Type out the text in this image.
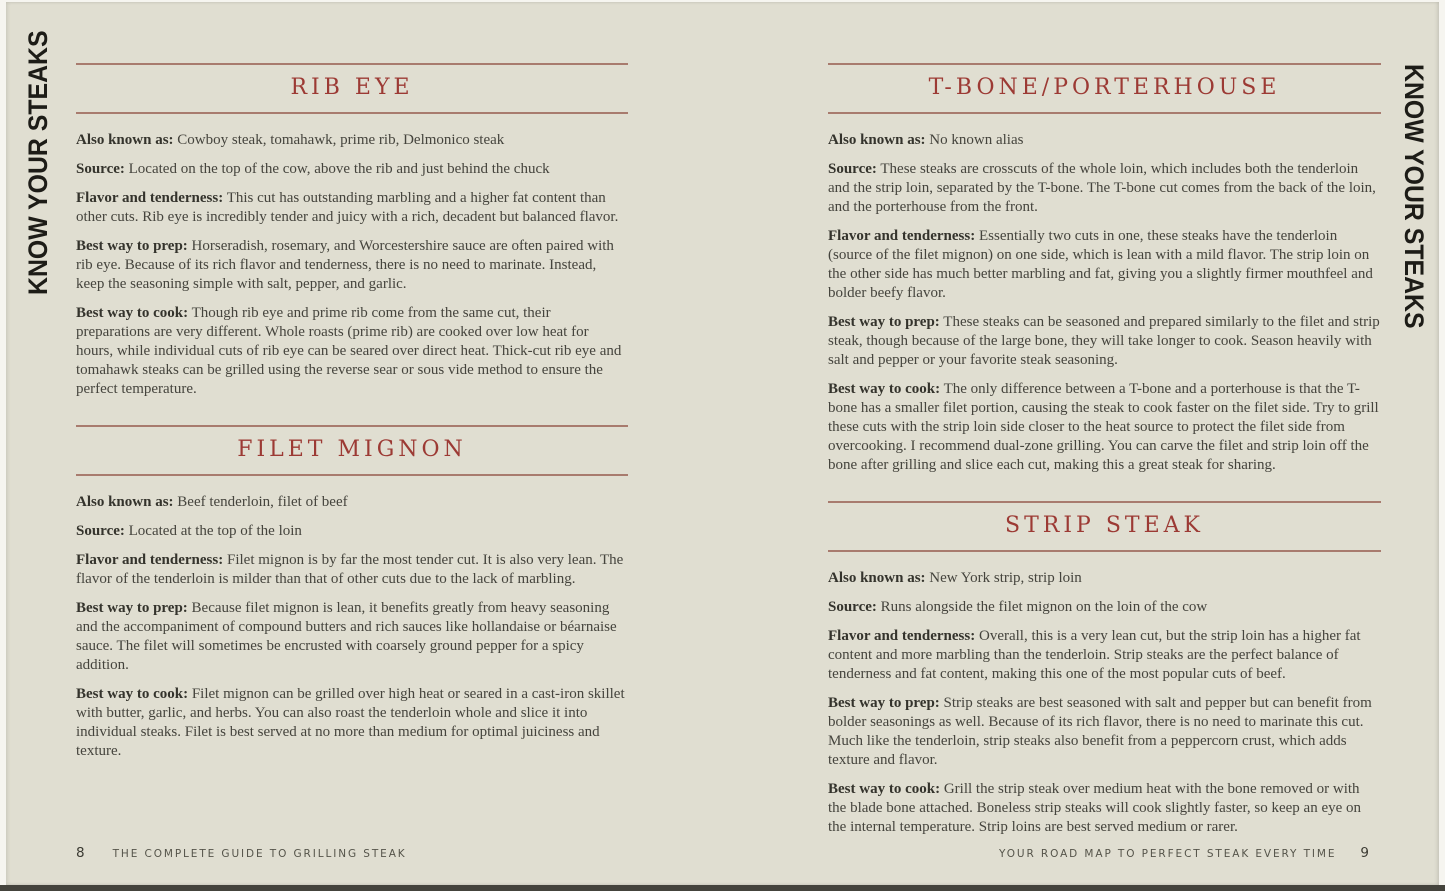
KNOW YOUR STEAKS	KNOW YOUR STEAKS
RIB EYE

Also known as: Cowboy steak, tomahawk, prime rib, Delmonico steak

Source: Located on the top of the cow, above the rib and just behind the chuck

Flavor and tenderness: This cut has outstanding marbling and a higher fat content than other cuts. Rib eye is incredibly tender and juicy with a rich, decadent but balanced flavor.

Best way to prep: Horseradish, rosemary, and Worcestershire sauce are often paired with rib eye. Because of its rich flavor and tenderness, there is no need to marinate. Instead, keep the seasoning simple with salt, pepper, and garlic.

Best way to cook: Though rib eye and prime rib come from the same cut, their preparations are very different. Whole roasts (prime rib) are cooked over low heat for hours, while individual cuts of rib eye can be seared over direct heat. Thick-cut rib eye and tomahawk steaks can be grilled using the reverse sear or sous vide method to ensure the perfect temperature.

FILET MIGNON

Also known as: Beef tenderloin, filet of beef

Source: Located at the top of the loin

Flavor and tenderness: Filet mignon is by far the most tender cut. It is also very lean. The flavor of the tenderloin is milder than that of other cuts due to the lack of marbling.

Best way to prep: Because filet mignon is lean, it benefits greatly from heavy seasoning and the accompaniment of compound butters and rich sauces like hollandaise or béarnaise sauce. The filet will sometimes be encrusted with coarsely ground pepper for a spicy addition.

Best way to cook: Filet mignon can be grilled over high heat or seared in a cast-iron skillet with butter, garlic, and herbs. You can also roast the tenderloin whole and slice it into individual steaks. Filet is best served at no more than medium for optimal juiciness and texture.

T-BONE/PORTERHOUSE

Also known as: No known alias

Source: These steaks are crosscuts of the whole loin, which includes both the tenderloin and the strip loin, separated by the T-bone. The T-bone cut comes from the back of the loin, and the porterhouse from the front.

Flavor and tenderness: Essentially two cuts in one, these steaks have the tenderloin (source of the filet mignon) on one side, which is lean with a mild flavor. The strip loin on the other side has much better marbling and fat, giving you a slightly firmer mouthfeel and bolder beefy flavor.

Best way to prep: These steaks can be seasoned and prepared similarly to the filet and strip steak, though because of the large bone, they will take longer to cook. Season heavily with salt and pepper or your favorite steak seasoning.

Best way to cook: The only difference between a T-bone and a porterhouse is that the T-bone has a smaller filet portion, causing the steak to cook faster on the filet side. Try to grill these cuts with the strip loin side closer to the heat source to protect the filet side from overcooking. I recommend dual-zone grilling. You can carve the filet and strip loin off the bone after grilling and slice each cut, making this a great steak for sharing.

STRIP STEAK

Also known as: New York strip, strip loin

Source: Runs alongside the filet mignon on the loin of the cow

Flavor and tenderness: Overall, this is a very lean cut, but the strip loin has a higher fat content and more marbling than the tenderloin. Strip steaks are the perfect balance of tenderness and fat content, making this one of the most popular cuts of beef.

Best way to prep: Strip steaks are best seasoned with salt and pepper but can benefit from bolder seasonings as well. Because of its rich flavor, there is no need to marinate this cut. Much like the tenderloin, strip steaks also benefit from a peppercorn crust, which adds texture and flavor.

Best way to cook: Grill the strip steak over medium heat with the bone removed or with the blade bone attached. Boneless strip steaks will cook slightly faster, so keep an eye on the internal temperature. Strip loins are best served medium or rarer.

8	THE COMPLETE GUIDE TO GRILLING STEAK	YOUR ROAD MAP TO PERFECT STEAK EVERY TIME 9
